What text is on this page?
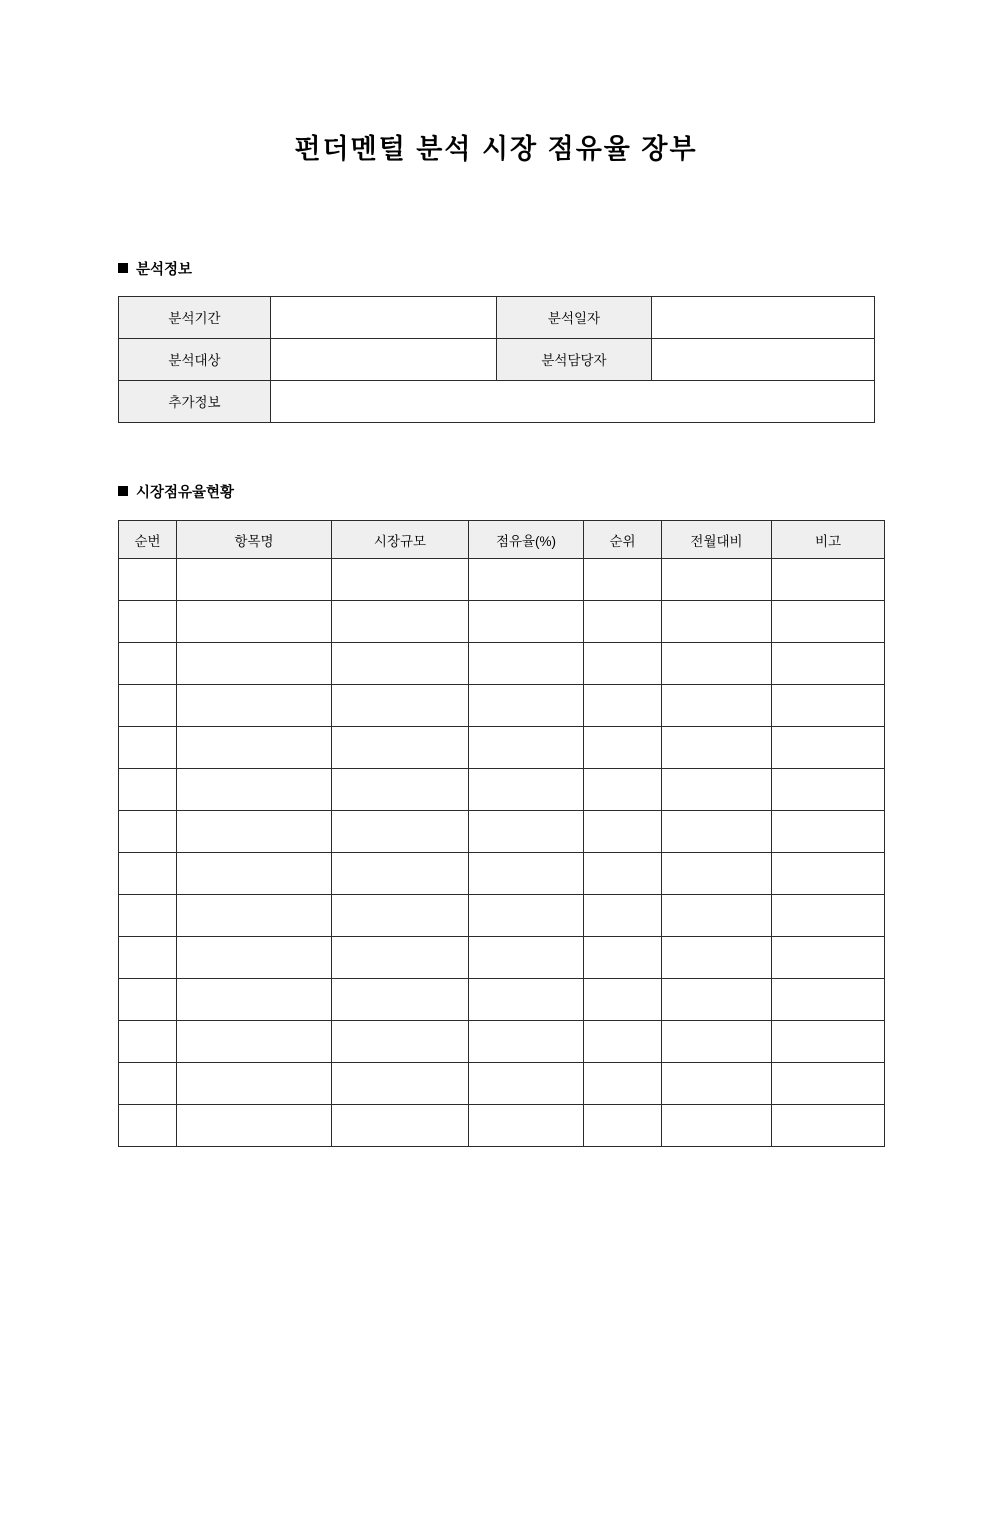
펀더멘털 분석 시장 점유율 장부
분석정보
분석기간		분석일자	
분석대상		분석담당자	
추가정보			
시장점유율현황
순번	항목명	시장규모	점유율(%)	순위	전월대비	비고
